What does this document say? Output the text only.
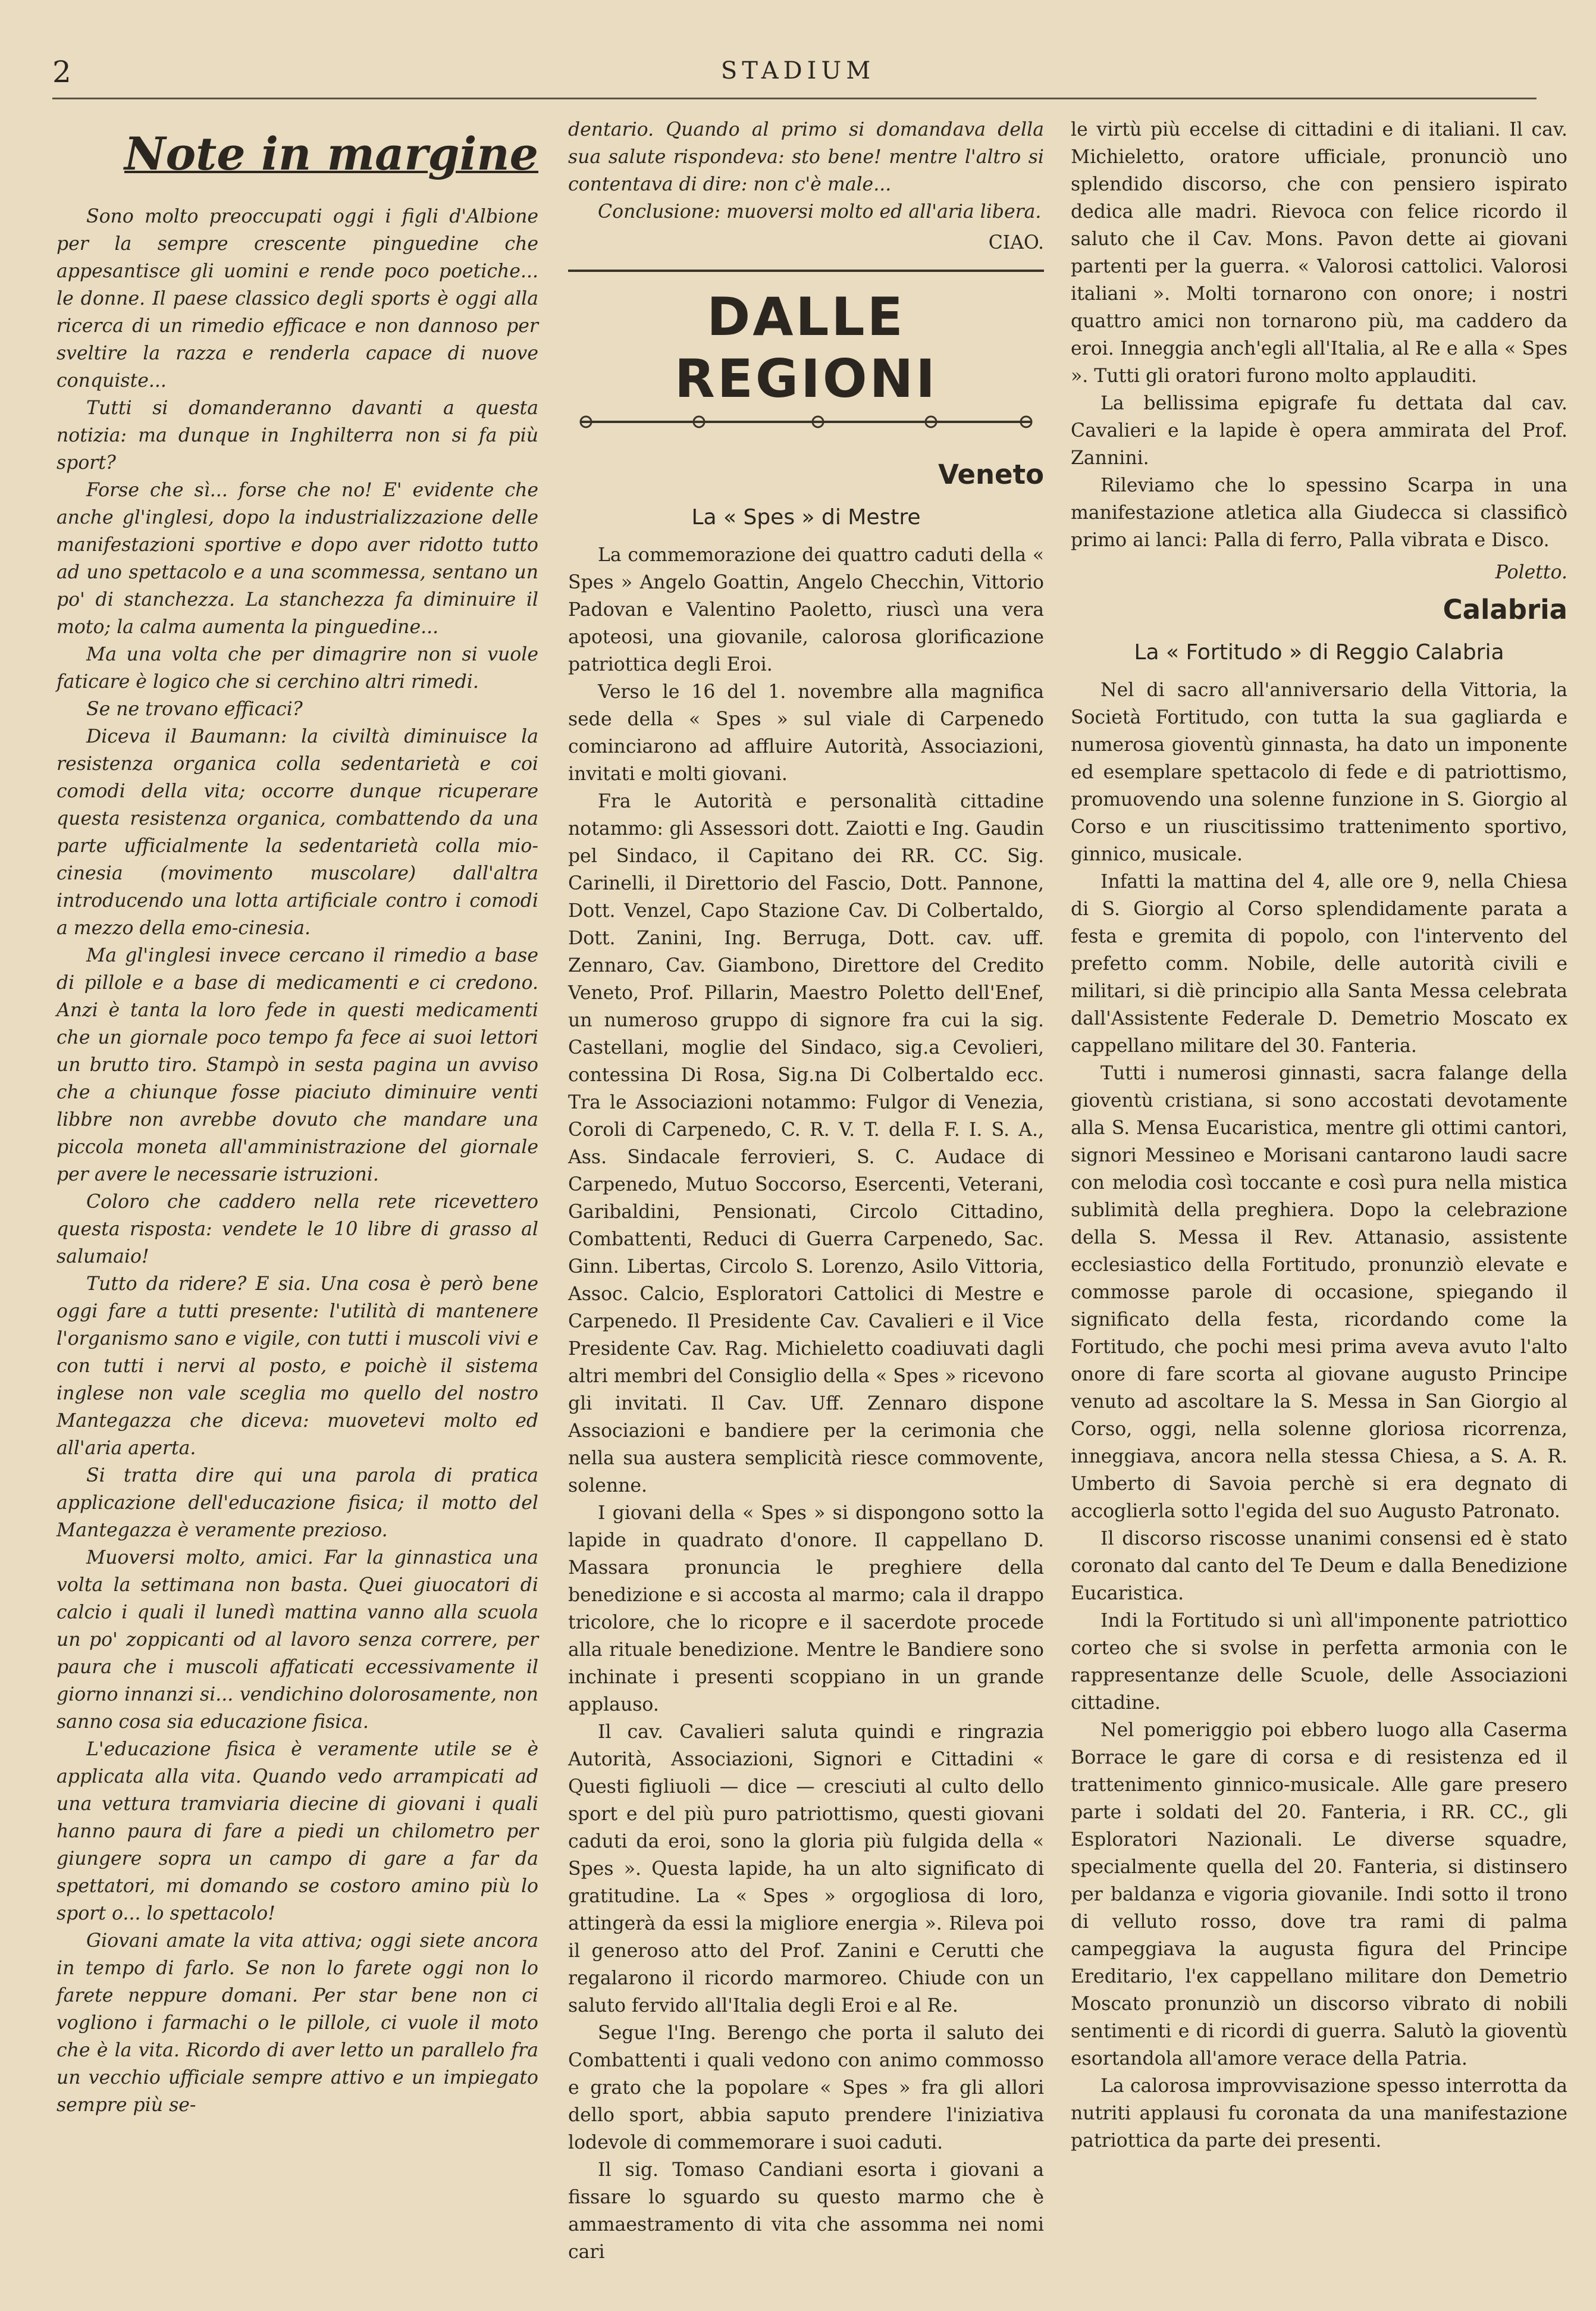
2	STADIUM
Note in margine

Sono molto preoccupati oggi i figli d'Albione per la sempre crescente pinguedine che appesantisce gli uomini e rende poco poetiche... le donne. Il paese classico degli sports è oggi alla ricerca di un rimedio efficace e non dannoso per sveltire la razza e renderla capace di nuove conquiste...

Tutti si domanderanno davanti a questa notizia: ma dunque in Inghilterra non si fa più sport?

Forse che sì... forse che no! E' evidente che anche gl'inglesi, dopo la industrializzazione delle manifestazioni sportive e dopo aver ridotto tutto ad uno spettacolo e a una scommessa, sentano un po' di stanchezza. La stanchezza fa diminuire il moto; la calma aumenta la pinguedine...

Ma una volta che per dimagrire non si vuole faticare è logico che si cerchino altri rimedi.

Se ne trovano efficaci?

Diceva il Baumann: la civiltà diminuisce la resistenza organica colla sedentarietà e coi comodi della vita; occorre dunque ricuperare questa resistenza organica, combattendo da una parte ufficialmente la sedentarietà colla mio-cinesia (movimento muscolare) dall'altra introducendo una lotta artificiale contro i comodi a mezzo della emo-cinesia.

Ma gl'inglesi invece cercano il rimedio a base di pillole e a base di medicamenti e ci credono. Anzi è tanta la loro fede in questi medicamenti che un giornale poco tempo fa fece ai suoi lettori un brutto tiro. Stampò in sesta pagina un avviso che a chiunque fosse piaciuto diminuire venti libbre non avrebbe dovuto che mandare una piccola moneta all'amministrazione del giornale per avere le necessarie istruzioni.

Coloro che caddero nella rete ricevettero questa risposta: vendete le 10 libre di grasso al salumaio!

Tutto da ridere? E sia. Una cosa è però bene oggi fare a tutti presente: l'utilità di mantenere l'organismo sano e vigile, con tutti i muscoli vivi e con tutti i nervi al posto, e poichè il sistema inglese non vale sceglia mo quello del nostro Mantegazza che diceva: muovetevi molto ed all'aria aperta.

Si tratta dire qui una parola di pratica applicazione dell'educazione fisica; il motto del Mantegazza è veramente prezioso.

Muoversi molto, amici. Far la ginnastica una volta la settimana non basta. Quei giuocatori di calcio i quali il lunedì mattina vanno alla scuola un po' zoppicanti od al lavoro senza correre, per paura che i muscoli affaticati eccessivamente il giorno innanzi si... vendichino dolorosamente, non sanno cosa sia educazione fisica.

L'educazione fisica è veramente utile se è applicata alla vita. Quando vedo arrampicati ad una vettura tramviaria diecine di giovani i quali hanno paura di fare a piedi un chilometro per giungere sopra un campo di gare a far da spettatori, mi domando se costoro amino più lo sport o... lo spettacolo!

Giovani amate la vita attiva; oggi siete ancora in tempo di farlo. Se non lo farete oggi non lo farete neppure domani. Per star bene non ci vogliono i farmachi o le pillole, ci vuole il moto che è la vita. Ricordo di aver letto un parallelo fra un vecchio ufficiale sempre attivo e un impiegato sempre più se-

dentario. Quando al primo si domandava della sua salute rispondeva: sto bene! mentre l'altro si contentava di dire: non c'è male...

Conclusione: muoversi molto ed all'aria libera.

CIAO.
DALLE REGIONI
Veneto
La « Spes » di Mestre

La commemorazione dei quattro caduti della « Spes » Angelo Goattin, Angelo Checchin, Vittorio Padovan e Valentino Paoletto, riuscì una vera apoteosi, una giovanile, calorosa glorificazione patriottica degli Eroi.

Verso le 16 del 1. novembre alla magnifica sede della « Spes » sul viale di Carpenedo cominciarono ad affluire Autorità, Associazioni, invitati e molti giovani.

Fra le Autorità e personalità cittadine notammo: gli Assessori dott. Zaiotti e Ing. Gaudin pel Sindaco, il Capitano dei RR. CC. Sig. Carinelli, il Direttorio del Fascio, Dott. Pannone, Dott. Venzel, Capo Stazione Cav. Di Colbertaldo, Dott. Zanini, Ing. Berruga, Dott. cav. uff. Zennaro, Cav. Giambono, Direttore del Credito Veneto, Prof. Pillarin, Maestro Poletto dell'Enef, un numeroso gruppo di signore fra cui la sig. Castellani, moglie del Sindaco, sig.a Cevolieri, contessina Di Rosa, Sig.na Di Colbertaldo ecc. Tra le Associazioni notammo: Fulgor di Venezia, Coroli di Carpenedo, C. R. V. T. della F. I. S. A., Ass. Sindacale ferrovieri, S. C. Audace di Carpenedo, Mutuo Soccorso, Esercenti, Veterani, Garibaldini, Pensionati, Circolo Cittadino, Combattenti, Reduci di Guerra Carpenedo, Sac. Ginn. Libertas, Circolo S. Lorenzo, Asilo Vittoria, Assoc. Calcio, Esploratori Cattolici di Mestre e Carpenedo. Il Presidente Cav. Cavalieri e il Vice Presidente Cav. Rag. Michieletto coadiuvati dagli altri membri del Consiglio della « Spes » ricevono gli invitati. Il Cav. Uff. Zennaro dispone Associazioni e bandiere per la cerimonia che nella sua austera semplicità riesce commovente, solenne.

I giovani della « Spes » si dispongono sotto la lapide in quadrato d'onore. Il cappellano D. Massara pronuncia le preghiere della benedizione e si accosta al marmo; cala il drappo tricolore, che lo ricopre e il sacerdote procede alla rituale benedizione. Mentre le Bandiere sono inchinate i presenti scoppiano in un grande applauso.

Il cav. Cavalieri saluta quindi e ringrazia Autorità, Associazioni, Signori e Cittadini « Questi figliuoli — dice — cresciuti al culto dello sport e del più puro patriottismo, questi giovani caduti da eroi, sono la gloria più fulgida della « Spes ». Questa lapide, ha un alto significato di gratitudine. La « Spes » orgogliosa di loro, attingerà da essi la migliore energia ». Rileva poi il generoso atto del Prof. Zanini e Cerutti che regalarono il ricordo marmoreo. Chiude con un saluto fervido all'Italia degli Eroi e al Re.

Segue l'Ing. Berengo che porta il saluto dei Combattenti i quali vedono con animo commosso e grato che la popolare « Spes » fra gli allori dello sport, abbia saputo prendere l'iniziativa lodevole di commemorare i suoi caduti.

Il sig. Tomaso Candiani esorta i giovani a fissare lo sguardo su questo marmo che è ammaestramento di vita che assomma nei nomi cari

le virtù più eccelse di cittadini e di italiani. Il cav. Michieletto, oratore ufficiale, pronunciò uno splendido discorso, che con pensiero ispirato dedica alle madri. Rievoca con felice ricordo il saluto che il Cav. Mons. Pavon dette ai giovani partenti per la guerra. « Valorosi cattolici. Valorosi italiani ». Molti tornarono con onore; i nostri quattro amici non tornarono più, ma caddero da eroi. Inneggia anch'egli all'Italia, al Re e alla « Spes ». Tutti gli oratori furono molto applauditi.

La bellissima epigrafe fu dettata dal cav. Cavalieri e la lapide è opera ammirata del Prof. Zannini.

Rileviamo che lo spessino Scarpa in una manifestazione atletica alla Giudecca si classificò primo ai lanci: Palla di ferro, Palla vibrata e Disco.

Poletto.
Calabria
La « Fortitudo » di Reggio Calabria

Nel di sacro all'anniversario della Vittoria, la Società Fortitudo, con tutta la sua gagliarda e numerosa gioventù ginnasta, ha dato un imponente ed esemplare spettacolo di fede e di patriottismo, promuovendo una solenne funzione in S. Giorgio al Corso e un riuscitissimo trattenimento sportivo, ginnico, musicale.

Infatti la mattina del 4, alle ore 9, nella Chiesa di S. Giorgio al Corso splendidamente parata a festa e gremita di popolo, con l'intervento del prefetto comm. Nobile, delle autorità civili e militari, si diè principio alla Santa Messa celebrata dall'Assistente Federale D. Demetrio Moscato ex cappellano militare del 30. Fanteria.

Tutti i numerosi ginnasti, sacra falange della gioventù cristiana, si sono accostati devotamente alla S. Mensa Eucaristica, mentre gli ottimi cantori, signori Messineo e Morisani cantarono laudi sacre con melodia così toccante e così pura nella mistica sublimità della preghiera. Dopo la celebrazione della S. Messa il Rev. Attanasio, assistente ecclesiastico della Fortitudo, pronunziò elevate e commosse parole di occasione, spiegando il significato della festa, ricordando come la Fortitudo, che pochi mesi prima aveva avuto l'alto onore di fare scorta al giovane augusto Principe venuto ad ascoltare la S. Messa in San Giorgio al Corso, oggi, nella solenne gloriosa ricorrenza, inneggiava, ancora nella stessa Chiesa, a S. A. R. Umberto di Savoia perchè si era degnato di accoglierla sotto l'egida del suo Augusto Patronato.

Il discorso riscosse unanimi consensi ed è stato coronato dal canto del Te Deum e dalla Benedizione Eucaristica.

Indi la Fortitudo si unì all'imponente patriottico corteo che si svolse in perfetta armonia con le rappresentanze delle Scuole, delle Associazioni cittadine.

Nel pomeriggio poi ebbero luogo alla Caserma Borrace le gare di corsa e di resistenza ed il trattenimento ginnico-musicale. Alle gare presero parte i soldati del 20. Fanteria, i RR. CC., gli Esploratori Nazionali. Le diverse squadre, specialmente quella del 20. Fanteria, si distinsero per baldanza e vigoria giovanile. Indi sotto il trono di velluto rosso, dove tra rami di palma campeggiava la augusta figura del Principe Ereditario, l'ex cappellano militare don Demetrio Moscato pronunziò un discorso vibrato di nobili sentimenti e di ricordi di guerra. Salutò la gioventù esortandola all'amore verace della Patria.

La calorosa improvvisazione spesso interrotta da nutriti applausi fu coronata da una manifestazione patriottica da parte dei presenti.
